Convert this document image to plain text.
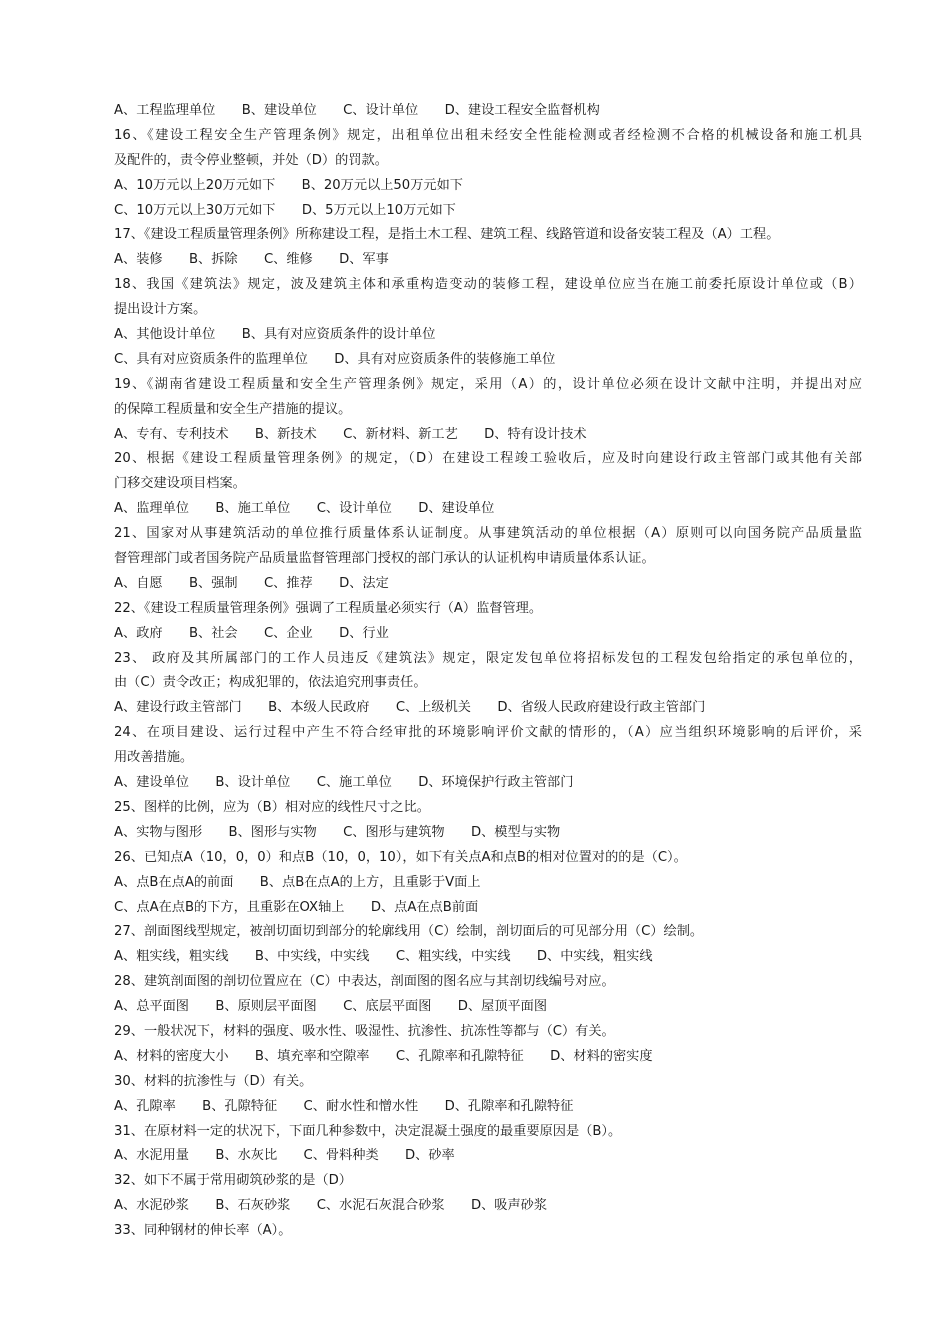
A、工程监理单位　　B、建设单位　　C、设计单位　　D、建设工程安全监督机构
16、《建设工程安全生产管理条例》规定，出租单位出租未经安全性能检测或者经检测不合格的机械设备和施工机具
及配件的，责令停业整顿，并处（D）的罚款。
A、10万元以上20万元如下　　B、20万元以上50万元如下
C、10万元以上30万元如下　　D、5万元以上10万元如下
17、《建设工程质量管理条例》所称建设工程，是指土木工程、建筑工程、线路管道和设备安装工程及（A）工程。
A、装修　　B、拆除　　C、维修　　D、军事
18、我国《建筑法》规定，波及建筑主体和承重构造变动的装修工程，建设单位应当在施工前委托原设计单位或（B）
提出设计方案。
A、其他设计单位　　B、具有对应资质条件的设计单位
C、具有对应资质条件的监理单位　　D、具有对应资质条件的装修施工单位
19、《湖南省建设工程质量和安全生产管理条例》规定，采用（A）的，设计单位必须在设计文献中注明，并提出对应
的保障工程质量和安全生产措施的提议。
A、专有、专利技术　　B、新技术　　C、新材料、新工艺　　D、特有设计技术
20、根据《建设工程质量管理条例》的规定，（D）在建设工程竣工验收后，应及时向建设行政主管部门或其他有关部
门移交建设项目档案。
A、监理单位　　B、施工单位　　C、设计单位　　D、建设单位
21、国家对从事建筑活动的单位推行质量体系认证制度。从事建筑活动的单位根据（A）原则可以向国务院产品质量监
督管理部门或者国务院产品质量监督管理部门授权的部门承认的认证机构申请质量体系认证。
A、自愿　　B、强制　　C、推荐　　D、法定
22、《建设工程质量管理条例》强调了工程质量必须实行（A）监督管理。
A、政府　　B、社会　　C、企业　　D、行业
23、 政府及其所属部门的工作人员违反《建筑法》规定，限定发包单位将招标发包的工程发包给指定的承包单位的，
由（C）责令改正；构成犯罪的，依法追究刑事责任。
A、建设行政主管部门　　B、本级人民政府　　C、上级机关　　D、省级人民政府建设行政主管部门
24、在项目建设、运行过程中产生不符合经审批的环境影响评价文献的情形的，（A）应当组织环境影响的后评价，采
用改善措施。
A、建设单位　　B、设计单位　　C、施工单位　　D、环境保护行政主管部门
25、图样的比例，应为（B）相对应的线性尺寸之比。
A、实物与图形　　B、图形与实物　　C、图形与建筑物　　D、模型与实物
26、已知点A（10，0，0）和点B（10，0，10），如下有关点A和点B的相对位置对的的是（C）。
A、点B在点A的前面　　B、点B在点A的上方，且重影于V面上
C、点A在点B的下方，且重影在OX轴上　　D、点A在点B前面
27、剖面图线型规定，被剖切面切到部分的轮廓线用（C）绘制，剖切面后的可见部分用（C）绘制。
A、粗实线，粗实线　　B、中实线，中实线　　C、粗实线，中实线　　D、中实线，粗实线
28、建筑剖面图的剖切位置应在（C）中表达，剖面图的图名应与其剖切线编号对应。
A、总平面图　　B、原则层平面图　　C、底层平面图　　D、屋顶平面图
29、一般状况下，材料的强度、吸水性、吸湿性、抗渗性、抗冻性等都与（C）有关。
A、材料的密度大小　　B、填充率和空隙率　　C、孔隙率和孔隙特征　　D、材料的密实度
30、材料的抗渗性与（D）有关。
A、孔隙率　　B、孔隙特征　　C、耐水性和憎水性　　D、孔隙率和孔隙特征
31、在原材料一定的状况下，下面几种参数中，决定混凝土强度的最重要原因是（B）。
A、水泥用量　　B、水灰比　　C、骨料种类　　D、砂率
32、如下不属于常用砌筑砂浆的是（D）
A、水泥砂浆　　B、石灰砂浆　　C、水泥石灰混合砂浆　　D、吸声砂浆
33、同种钢材的伸长率（A）。
